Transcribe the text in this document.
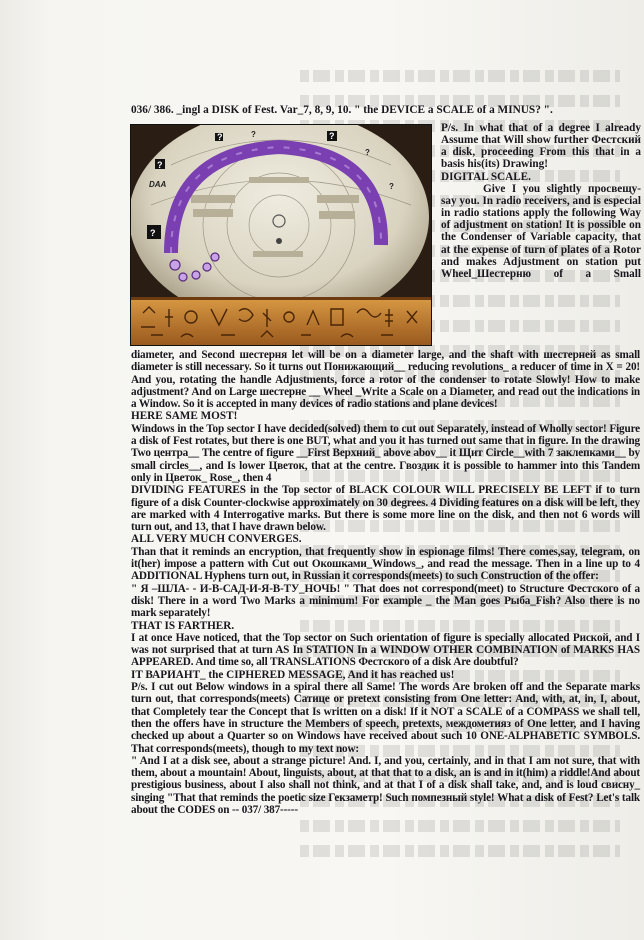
036/ 386. _ingl a DISK of Fest. Var_7, 8, 9, 10. " the DEVICE a SCALE of a MINUS? ".
?
?
?
?
?
?
?
DAA

P/s. In what that of a degree I already Assume that Will show further Фестский a disk, proceeding From this that in a basis his(its) Drawing!

DIGITAL SCALE.

Give I you slightly просвещу- say you. In radio receivers, and is especial in radio stations apply the following Way of adjustment on station! It is possible on the Condenser of Variable capacity, that at the expense of turn of plates of a Rotor and makes Adjustment on station put Wheel_Шестерню of a Small

diameter, and Second шестерня let will be on a diameter large, and the shaft with шестерней as small diameter is still necessary. So it turns out Понижающий__ reducing revolutions_ a reducer of time in X = 20! And you, rotating the handle Adjustments, force a rotor of the condenser to rotate Slowly! How to make adjustment? And on Large шестерне __ Wheel _Write a Scale on a Diameter, and read out the indications in a Window. So it is accepted in many devices of radio stations and plane devices!

HERE SAME MOST!

Windows in the Top sector I have decided(solved) them to cut out Separately, instead of Wholly sector! Figure a disk of Fest rotates, but there is one BUT, what and you it has turned out same that in figure. In the drawing Two центра__ The centre of figure __First Верхний_ above abov__ it Щит Circle__with 7 заклепками__ by small circles__, and Is lower Цветок, that at the centre. Гвоздик it is possible to hammer into this Tandem only in Цветок_ Rose_, then 4

DIVIDING FEATURES in the Top sector of BLACK COLOUR WILL PRECISELY BE LEFT if to turn figure of a disk Counter-clockwise approximately on 30 degrees. 4 Dividing features on a disk will be left, they are marked with 4 Interrogative marks. But there is some more line on the disk, and then not 6 words will turn out, and 13, that I have drawn below.

ALL VERY MUCH CONVERGES.

Than that it reminds an encryption, that frequently show in espionage films! There comes,say, telegram, on it(her) impose a pattern with Cut out Окошками_Windows_, and read the message. Then in a line up to 4 ADDITIONAL Hyphens turn out, in Russian it corresponds(meets) to such Construction of the offer:

" Я –ШЛА- - И-В-САД-И-Я-В-ТУ_НОЧЬ! " That does not correspond(meet) to Structure Фестского of a disk! There in a word Two Marks a minimum! For example _ the Man goes Рыба_Fish? Also there is no mark separately!

THAT IS FARTHER.

I at once Have noticed, that the Top sector on Such orientation of figure is specially allocated Рискoй, and I was not surprised that at turn AS In STATION In a WINDOW OTHER COMBINATION of MARKS HAS APPEARED. And time so, all TRANSLATIONS Фестского of a disk Are doubtful?

IT ВАРИАНТ_ the CIPHERED MESSAGE, And it has reached us!

P/s. I cut out Below windows in a spiral there all Same! The words Are broken off and the Separate marks turn out, that corresponds(meets) Сатице or pretext consisting from One letter: And, with, at, in, I, about, that Completely tear the Concept that Is written on a disk! If it NOT a SCALE of a COMPASS we shall tell, then the offers have in structure the Members of speech, pretexts, междометияз of One letter, and I having checked up about a Quarter so on Windows have received about such 10 ONE-ALPHABETIC SYMBOLS. That corresponds(meets), though to my text now:

" And I at a disk see, about a strange picture! And. I, and you, certainly, and in that I am not sure, that with them, about a mountain! About, linguists, about, at that that to a disk, an is and in it(him) a riddle!And about prestigious business, about I also shall not think, and at that I of a disk shall take, and, and is loud свисну_ singing "That that reminds the poetic size Гекзаметр! Such помпезный style! What a disk of Fest? Let's talk about the CODES on -- 037/ 387-----
